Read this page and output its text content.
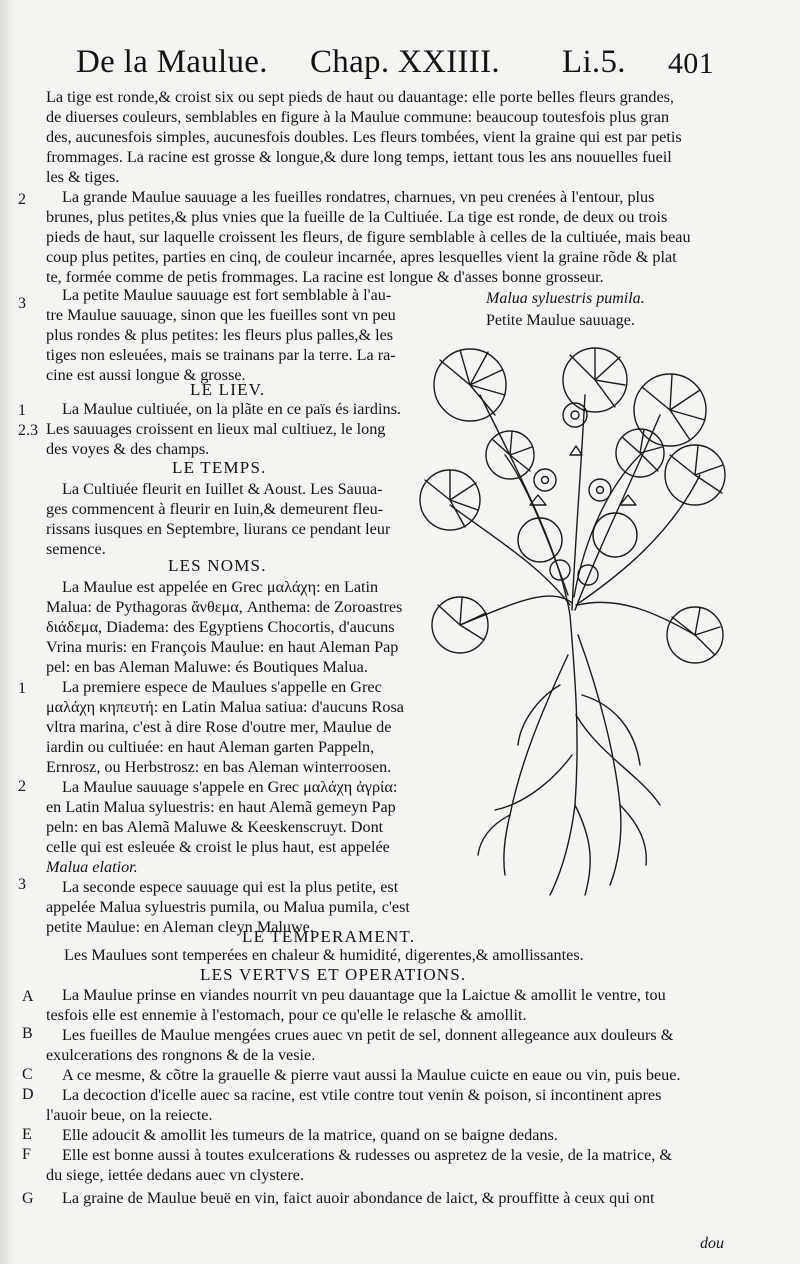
De la Maulue. Chap. XXIIII. Li.5. 401
La tige est ronde,& croist six ou sept pieds de haut ou dauantage: elle porte belles fleurs grandes,
de diuerses couleurs, semblables en figure à la Maulue commune: beaucoup toutesfois plus gran
des, aucunesfois simples, aucunesfois doubles. Les fleurs tombées, vient la graine qui est par petis
frommages. La racine est grosse & longue,& dure long temps, iettant tous les ans nouuelles fueil
les & tiges.
2 La grande Maulue sauuage a les fueilles rondatres, charnues, vn peu crenées à l'entour, plus
brunes, plus petites,& plus vnies que la fueille de la Cultiuée. La tige est ronde, de deux ou trois
pieds de haut, sur laquelle croissent les fleurs, de figure semblable à celles de la cultiuée, mais beau
coup plus petites, parties en cinq, de couleur incarnée, apres lesquelles vient la graine rõde & plat
te, formée comme de petis frommages. La racine est longue & d'asses bonne grosseur.
3 La petite Maulue sauuage est fort semblable à l'au-
tre Maulue sauuage, sinon que les fueilles sont vn peu
plus rondes & plus petites: les fleurs plus palles,& les
tiges non esleuées, mais se trainans par la terre. La ra-
cine est aussi longue & grosse.
Malua syluestris pumila.
Petite Maulue sauuage.
LE LIEV.
1
2.3
La Maulue cultiuée, on la plãte en ce païs és iardins.
Les sauuages croissent en lieux mal cultiuez, le long
des voyes & des champs.
LE TEMPS.
La Cultiuée fleurit en Iuillet & Aoust. Les Sauua-
ges commencent à fleurir en Iuin,& demeurent fleu-
rissans iusques en Septembre, liurans ce pendant leur
semence.
LES NOMS.
1
2
3
La Maulue est appelée en Grec μαλάχη: en Latin
Malua: de Pythagoras ἄνθεμα, Anthema: de Zoroastres
διάδεμα, Diadema: des Egyptiens Chocortis, d'aucuns
Vrina muris: en François Maulue: en haut Aleman Pap
pel: en bas Aleman Maluwe: és Boutiques Malua.
La premiere espece de Maulues s'appelle en Grec
μαλάχη κηπευτή: en Latin Malua satiua: d'aucuns Rosa
vltra marina, c'est à dire Rose d'outre mer, Maulue de
iardin ou cultiuée: en haut Aleman garten Pappeln,
Ernrosz, ou Herbstrosz: en bas Aleman winterroosen.
La Maulue sauuage s'appele en Grec μαλάχη ἀγρία:
en Latin Malua syluestris: en haut Alemã gemeyn Pap
peln: en bas Alemã Maluwe & Keeskenscruyt. Dont
celle qui est esleuée & croist le plus haut, est appelée
Malua elatior.
La seconde espece sauuage qui est la plus petite, est
appelée Malua syluestris pumila, ou Malua pumila, c'est
petite Maulue: en Aleman cleyn Maluwe.
LE TEMPERAMENT.
Les Maulues sont temperées en chaleur & humidité, digerentes,& amollissantes.
LES VERTVS ET OPERATIONS.
A
B
C
D
E
F
G
La Maulue prinse en viandes nourrit vn peu dauantage que la Laictue & amollit le ventre, tou
tesfois elle est ennemie à l'estomach, pour ce qu'elle le relasche & amollit.
Les fueilles de Maulue mengées crues auec vn petit de sel, donnent allegeance aux douleurs &
exulcerations des rongnons & de la vesie.
A ce mesme, & cõtre la grauelle & pierre vaut aussi la Maulue cuicte en eaue ou vin, puis beue.
La decoction d'icelle auec sa racine, est vtile contre tout venin & poison, si incontinent apres
l'auoir beue, on la reiecte.
Elle adoucit & amollit les tumeurs de la matrice, quand on se baigne dedans.
Elle est bonne aussi à toutes exulcerations & rudesses ou aspretez de la vesie, de la matrice, &
du siege, iettée dedans auec vn clystere.
La graine de Maulue beuë en vin, faict auoir abondance de laict, & prouffitte à ceux qui ont
dou
